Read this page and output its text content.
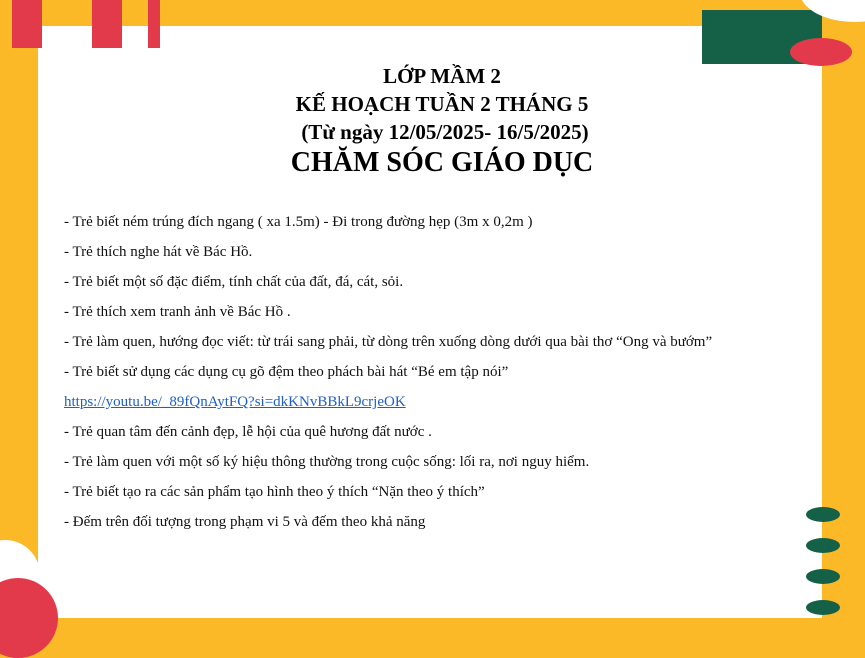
LỚP MẦM 2
KẾ HOẠCH TUẦN 2 THÁNG 5
(Từ ngày 12/05/2025- 16/5/2025)
CHĂM SÓC GIÁO DỤC
- Trẻ biết ném trúng đích ngang ( xa 1.5m) - Đi trong đường hẹp (3m x 0,2m )
- Trẻ thích nghe hát về Bác Hồ.
- Trẻ biết một số đặc điểm, tính chất của đất, đá, cát, sỏi.
- Trẻ thích xem tranh ảnh về Bác Hồ .
- Trẻ làm quen, hướng đọc viết: từ trái sang phải, từ dòng trên xuống dòng dưới qua bài thơ “Ong và bướm”
- Trẻ biết sử dụng các dụng cụ gõ đệm theo phách bài hát “Bé em tập nói”
https://youtu.be/_89fQnAytFQ?si=dkKNvBBkL9crjeOK
- Trẻ quan tâm đến cảnh đẹp, lễ hội của quê hương đất nước .
- Trẻ làm quen với một số ký hiệu thông thường trong cuộc sống: lối ra, nơi nguy hiểm.
- Trẻ biết tạo ra các sản phẩm tạo hình theo ý thích “Nặn theo ý thích”
- Đếm trên đối tượng trong phạm vi 5 và đếm theo khả năng
